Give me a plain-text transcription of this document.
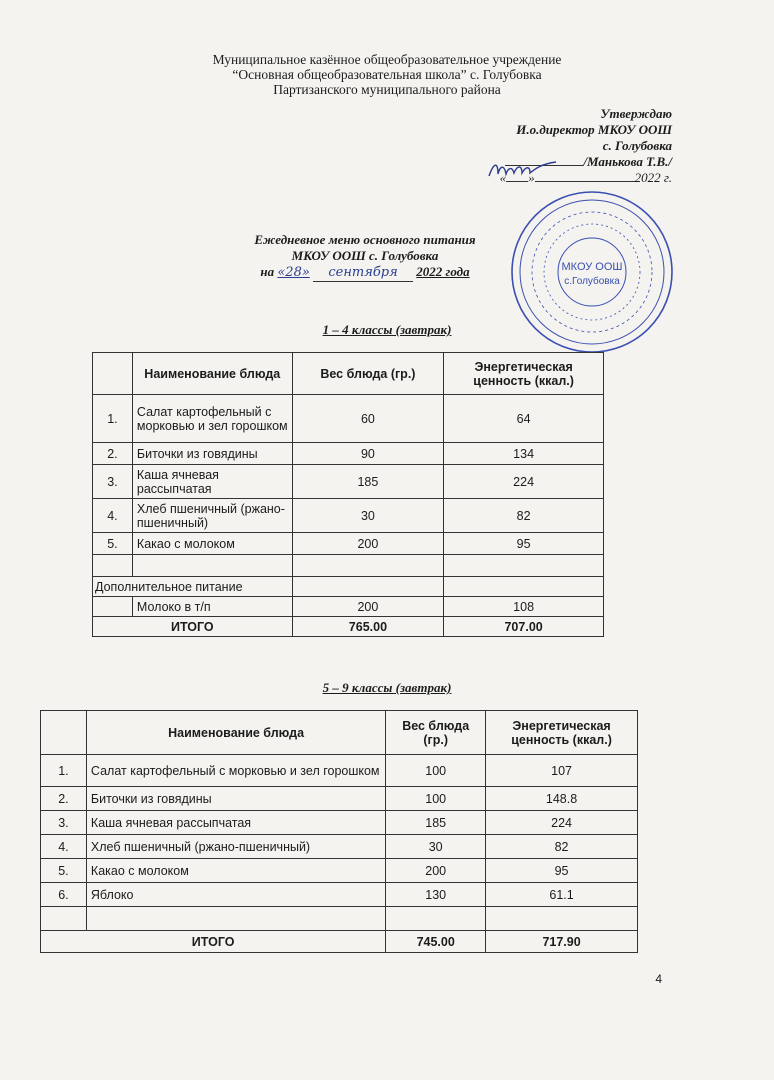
Муниципальное казённое общеобразовательное учреждение
“Основная общеобразовательная школа” с. Голубовка
Партизанского муниципального района
Утверждаю
И.о.директор МКОУ ООШ
с. Голубовка
/Манькова Т.В./
« »	2022 г.
МКОУ ООШ
с.Голубовка
Ежедневное меню основного питания
МКОУ ООШ с. Голубовка
на «28» сентября 2022 года
1 – 4 классы (завтрак)
	Наименование блюда	Вес блюда (гр.)	Энергетическая ценность (ккал.)
1.	Салат картофельный с морковью и зел горошком	60	64
2.	Биточки из говядины	90	134
3.	Каша ячневая рассыпчатая	185	224
4.	Хлеб пшеничный (ржано-пшеничный)	30	82
5.	Какао с молоком	200	95

Дополнительное питание			
	Молоко в т/п	200	108
ИТОГО		765.00	707.00
5 – 9 классы (завтрак)
	Наименование блюда	Вес блюда (гр.)	Энергетическая ценность (ккал.)
1.	Салат картофельный с морковью и зел горошком	100	107
2.	Биточки из говядины	100	148.8
3.	Каша ячневая рассыпчатая	185	224
4.	Хлеб пшеничный (ржано-пшеничный)	30	82
5.	Какао с молоком	200	95
6.	Яблоко	130	61.1

ИТОГО		745.00	717.90
4
